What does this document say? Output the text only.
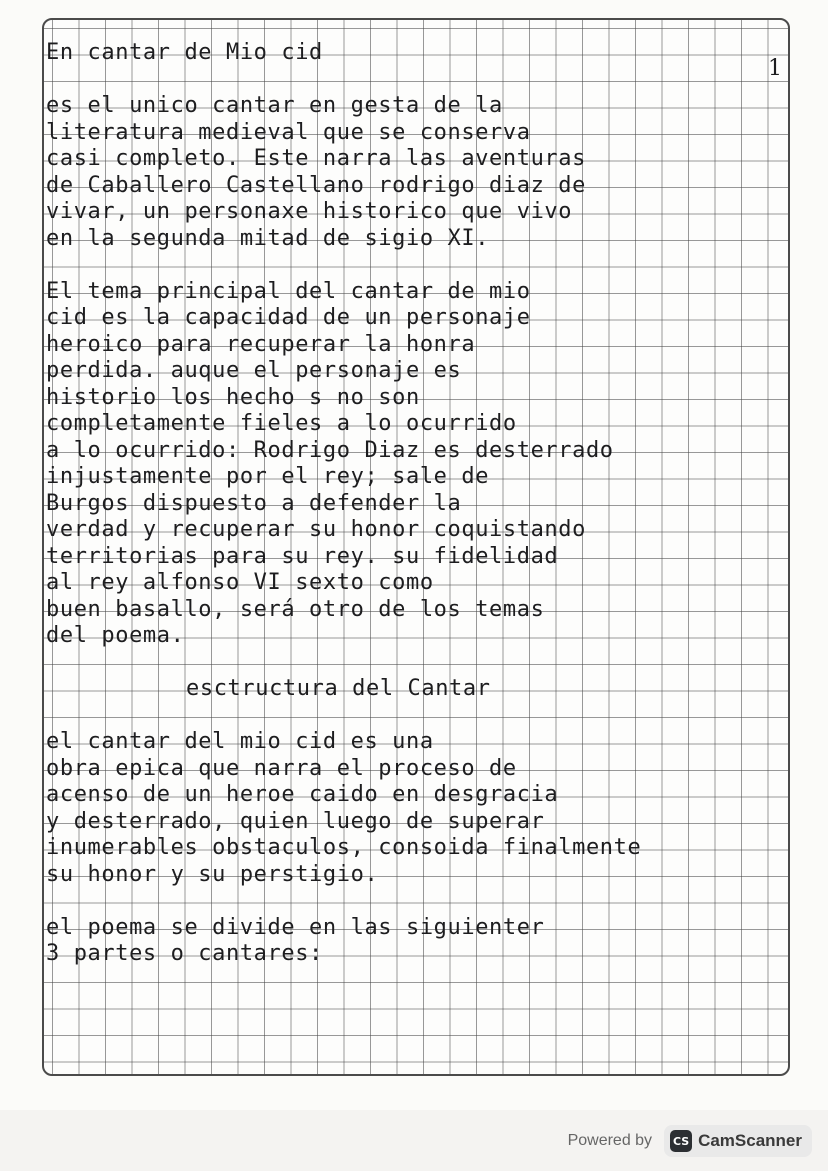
1
En cantar de Mio cid
es el unico cantar en gesta de la
literatura medieval que se conserva
casi completo. Este narra las aventuras
de Caballero Castellano rodrigo diaz de
vivar, un personaxe historico que vivo
en la segunda mitad de sigio XI.
El tema principal del cantar de mio
cid es la capacidad de un personaje
heroico para recuperar la honra
perdida. auque el personaje es
historio los hecho s no son
completamente fieles a lo ocurrido
a lo ocurrido: Rodrigo Diaz es desterrado
injustamente por el rey; sale de
Burgos dispuesto a defender la
verdad y recuperar su honor coquistando
territorias para su rey. su fidelidad
al rey alfonso VI sexto como
buen basallo, será otro de los temas
del poema.
esctructura del Cantar
el cantar del mio cid es una
obra epica que narra el proceso de
acenso de un heroe caido en desgracia
y desterrado, quien luego de superar
inumerables obstaculos, consoida finalmente
su honor y su perstigio.
el poema se divide en las siguienter
3 partes o cantares:
Powered by CS CamScanner
